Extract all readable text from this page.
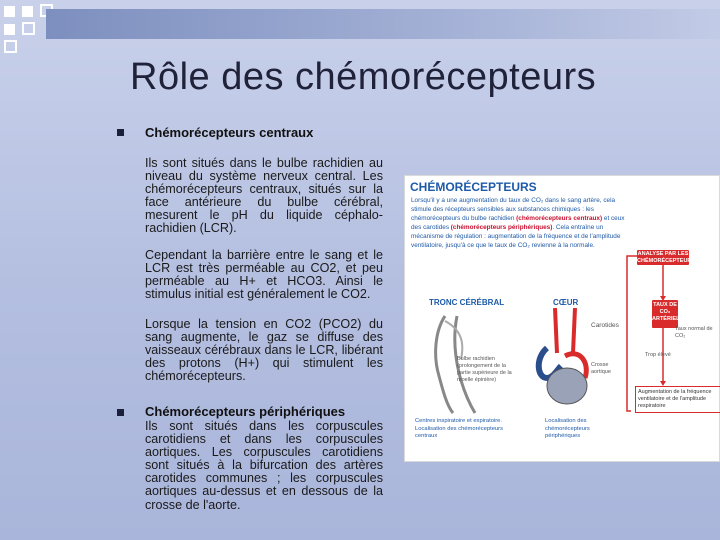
Rôle des chémorécepteurs
Chémorécepteurs centraux
Ils sont situés dans le bulbe rachidien au niveau du système nerveux central. Les chémorécepteurs centraux, situés sur la face antérieure du bulbe cérébral, mesurent le pH du liquide céphalo-rachidien (LCR).
Cependant la barrière entre le sang et le LCR est très perméable au CO2, et peu perméable au H+ et HCO3. Ainsi le stimulus initial est généralement le CO2.
Lorsque la tension en CO2 (PCO2) du sang augmente, le gaz se diffuse des vaisseaux cérébraux dans le LCR, libérant des protons (H+) qui stimulent les chémorécepteurs.
Chémorécepteurs périphériques
Ils sont situés dans les corpuscules carotidiens et dans les corpuscules aortiques. Les corpuscules carotidiens sont situés à la bifurcation des artères carotides communes ; les corpuscules aortiques au-dessus et en dessous de la crosse de l'aorte.
CHÉMORÉCEPTEURS
Lorsqu'il y a une augmentation du taux de CO₂ dans le sang artère, cela stimule des récepteurs sensibles aux substances chimiques : les chémorécepteurs du bulbe rachidien (chémorécepteurs centraux) et ceux des carotides (chémorécepteurs périphériques). Cela entraîne un mécanisme de régulation : augmentation de la fréquence et de l'amplitude ventilatoire, jusqu'à ce que le taux de CO₂ revienne à la normale.
ANALYSE PAR LES CHÉMORÉCEPTEURS
TAUX DE CO₂ ARTÉRIEL
Taux normal de CO₂
Trop élevé
Augmentation de la fréquence ventilatoire et de l'amplitude respiratoire
TRONC CÉRÉBRAL	CŒUR
Bulbe rachidien (prolongement de la partie supérieure de la moelle épinière)
Carotides
Crosse aortique
Centres inspiratoire et expiratoire. Localisation des chémorécepteurs centraux
Localisation des chémorécepteurs périphériques
